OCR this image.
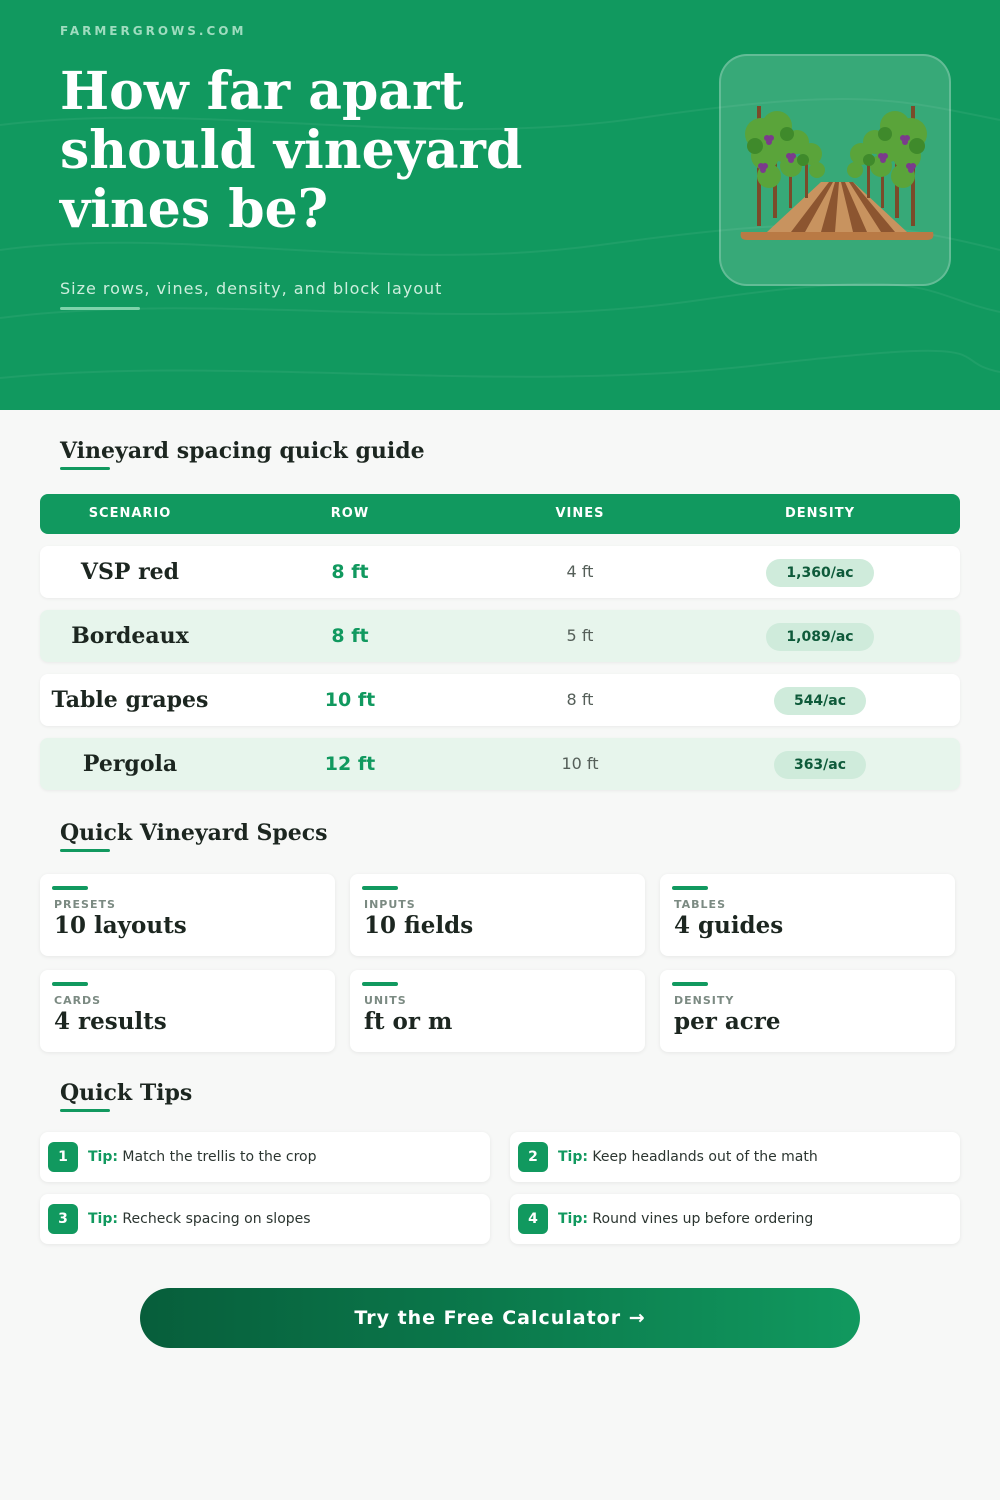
FARMERGROWS.COM
How far apart should vineyard vines be?
Size rows, vines, density, and block layout
Vineyard spacing quick guide
SCENARIO	ROW	VINES	DENSITY
VSP red	8 ft	4 ft	1,360/ac
Bordeaux	8 ft	5 ft	1,089/ac
Table grapes	10 ft	8 ft	544/ac
Pergola	12 ft	10 ft	363/ac
Quick Vineyard Specs
PRESETS
10 layouts
INPUTS
10 fields
TABLES
4 guides
CARDS
4 results
UNITS
ft or m
DENSITY
per acre
Quick Tips
1	Tip: Match the trellis to the crop	2	Tip: Keep headlands out of the math
3	Tip: Recheck spacing on slopes	4	Tip: Round vines up before ordering
Try the Free Calculator →
